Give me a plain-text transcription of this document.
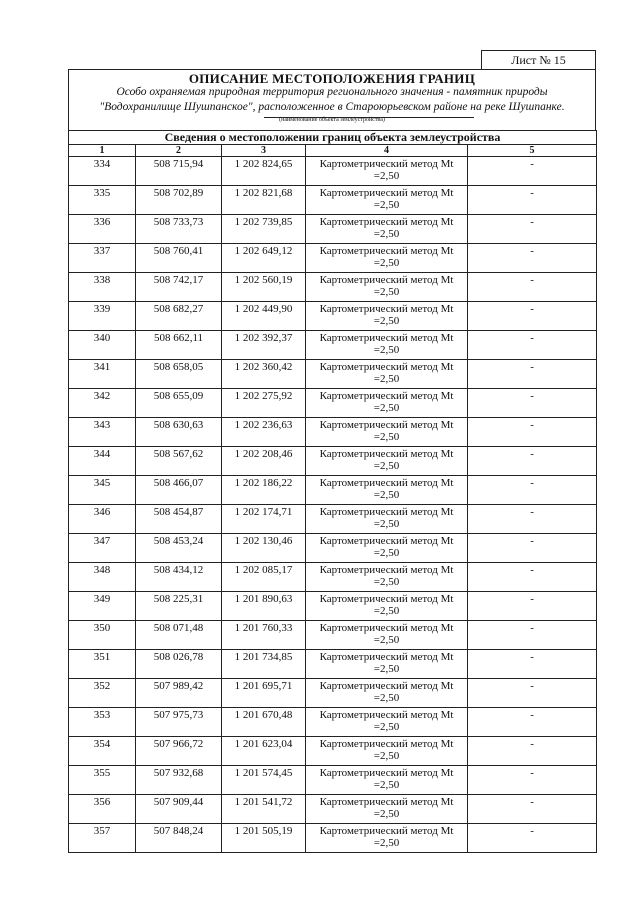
Лист № 15
ОПИСАНИЕ МЕСТОПОЛОЖЕНИЯ ГРАНИЦ
Особо охраняемая природная территория регионального значения - памятник природы
"Водохранилище Шушпанское", расположенное в Староюрьевском районе на реке Шушпанке.
(наименование объекта землеустройства)
Сведения о местоположении границ объекта землеустройства				
1	2	3	4	5

334	508 715,94	1 202 824,65	Картометрический метод Mt
=2,50	-

335	508 702,89	1 202 821,68	Картометрический метод Mt
=2,50	-

336	508 733,73	1 202 739,85	Картометрический метод Mt
=2,50	-

337	508 760,41	1 202 649,12	Картометрический метод Mt
=2,50	-

338	508 742,17	1 202 560,19	Картометрический метод Mt
=2,50	-

339	508 682,27	1 202 449,90	Картометрический метод Mt
=2,50	-

340	508 662,11	1 202 392,37	Картометрический метод Mt
=2,50	-

341	508 658,05	1 202 360,42	Картометрический метод Mt
=2,50	-

342	508 655,09	1 202 275,92	Картометрический метод Mt
=2,50	-

343	508 630,63	1 202 236,63	Картометрический метод Mt
=2,50	-

344	508 567,62	1 202 208,46	Картометрический метод Mt
=2,50	-

345	508 466,07	1 202 186,22	Картометрический метод Mt
=2,50	-

346	508 454,87	1 202 174,71	Картометрический метод Mt
=2,50	-

347	508 453,24	1 202 130,46	Картометрический метод Mt
=2,50	-

348	508 434,12	1 202 085,17	Картометрический метод Mt
=2,50	-

349	508 225,31	1 201 890,63	Картометрический метод Mt
=2,50	-

350	508 071,48	1 201 760,33	Картометрический метод Mt
=2,50	-

351	508 026,78	1 201 734,85	Картометрический метод Mt
=2,50	-

352	507 989,42	1 201 695,71	Картометрический метод Mt
=2,50	-

353	507 975,73	1 201 670,48	Картометрический метод Mt
=2,50	-

354	507 966,72	1 201 623,04	Картометрический метод Mt
=2,50	-

355	507 932,68	1 201 574,45	Картометрический метод Mt
=2,50	-

356	507 909,44	1 201 541,72	Картометрический метод Mt
=2,50	-

357	507 848,24	1 201 505,19	Картометрический метод Mt
=2,50	-
